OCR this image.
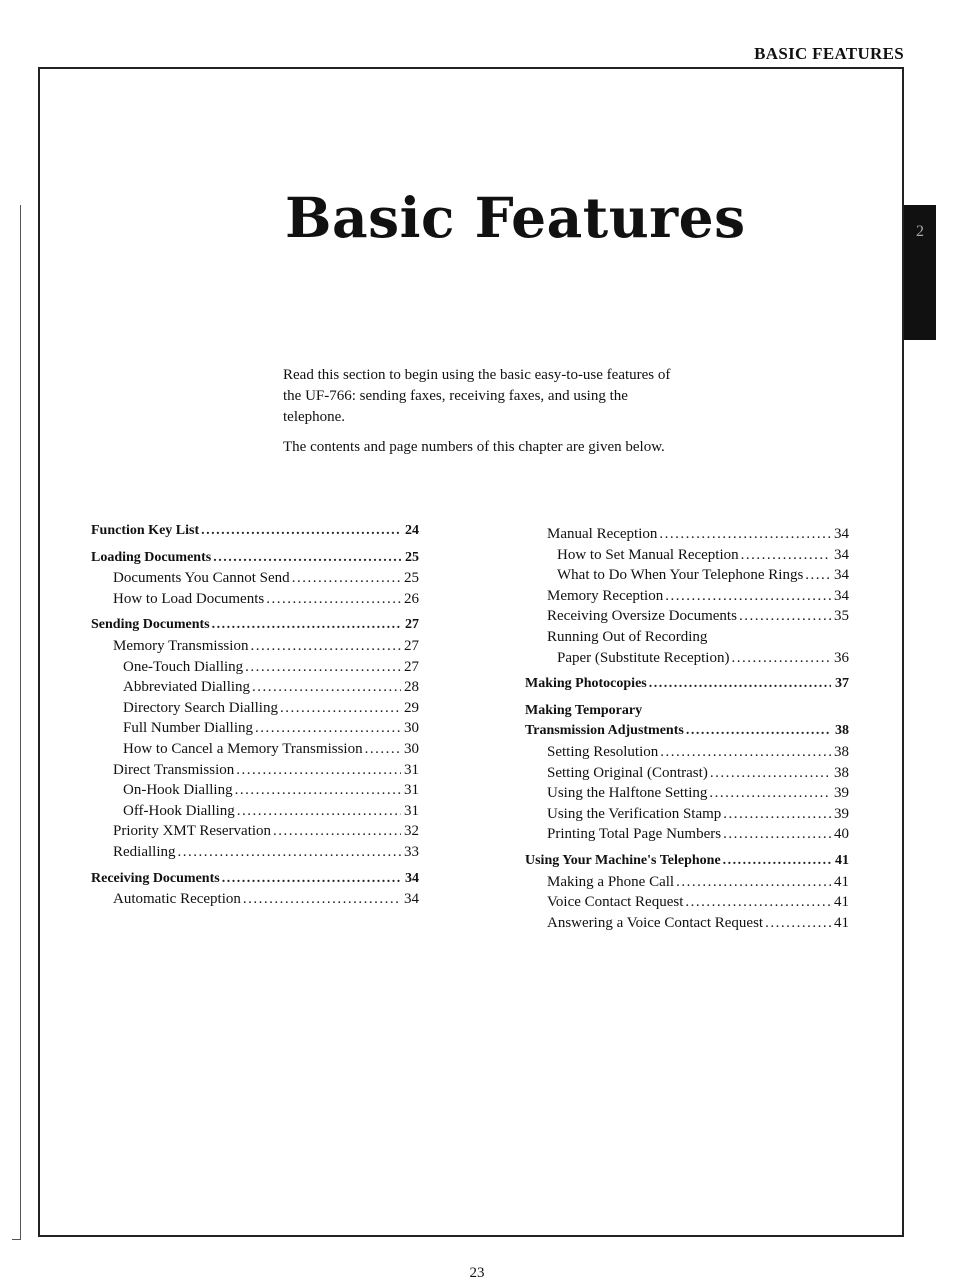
BASIC FEATURES
2
Basic Features

Read this section to begin using the basic easy-to-use features of the UF-766: sending faxes, receiving faxes, and using the telephone.

The contents and page numbers of this chapter are given below.

Function Key List .....	24
Loading Documents .....	25
Documents You Cannot Send .....	25
How to Load Documents .....	26
Sending Documents .....	27
Memory Transmission .....	27
One-Touch Dialling .....	27
Abbreviated Dialling .....	28
Directory Search Dialling .....	29
Full Number Dialling .....	30
How to Cancel a Memory Transmission .....	30
Direct Transmission .....	31
On-Hook Dialling .....	31
Off-Hook Dialling .....	31
Priority XMT Reservation .....	32
Redialling .....	33
Receiving Documents .....	34
Automatic Reception .....	34
Manual Reception .....	34
How to Set Manual Reception .....	34
What to Do When Your Telephone Rings ..... 34
Memory Reception .....	34
Receiving Oversize Documents .....	35
Running Out of Recording
Paper (Substitute Reception) .....	36
Making Photocopies .....	37
Making Temporary
Transmission Adjustments .....	38
Setting Resolution .....	38
Setting Original (Contrast) .....	38
Using the Halftone Setting .....	39
Using the Verification Stamp .....	39
Printing Total Page Numbers .....	40
Using Your Machine's Telephone .....	41
Making a Phone Call .....	41
Voice Contact Request .....	41
Answering a Voice Contact Request .....	41
23
